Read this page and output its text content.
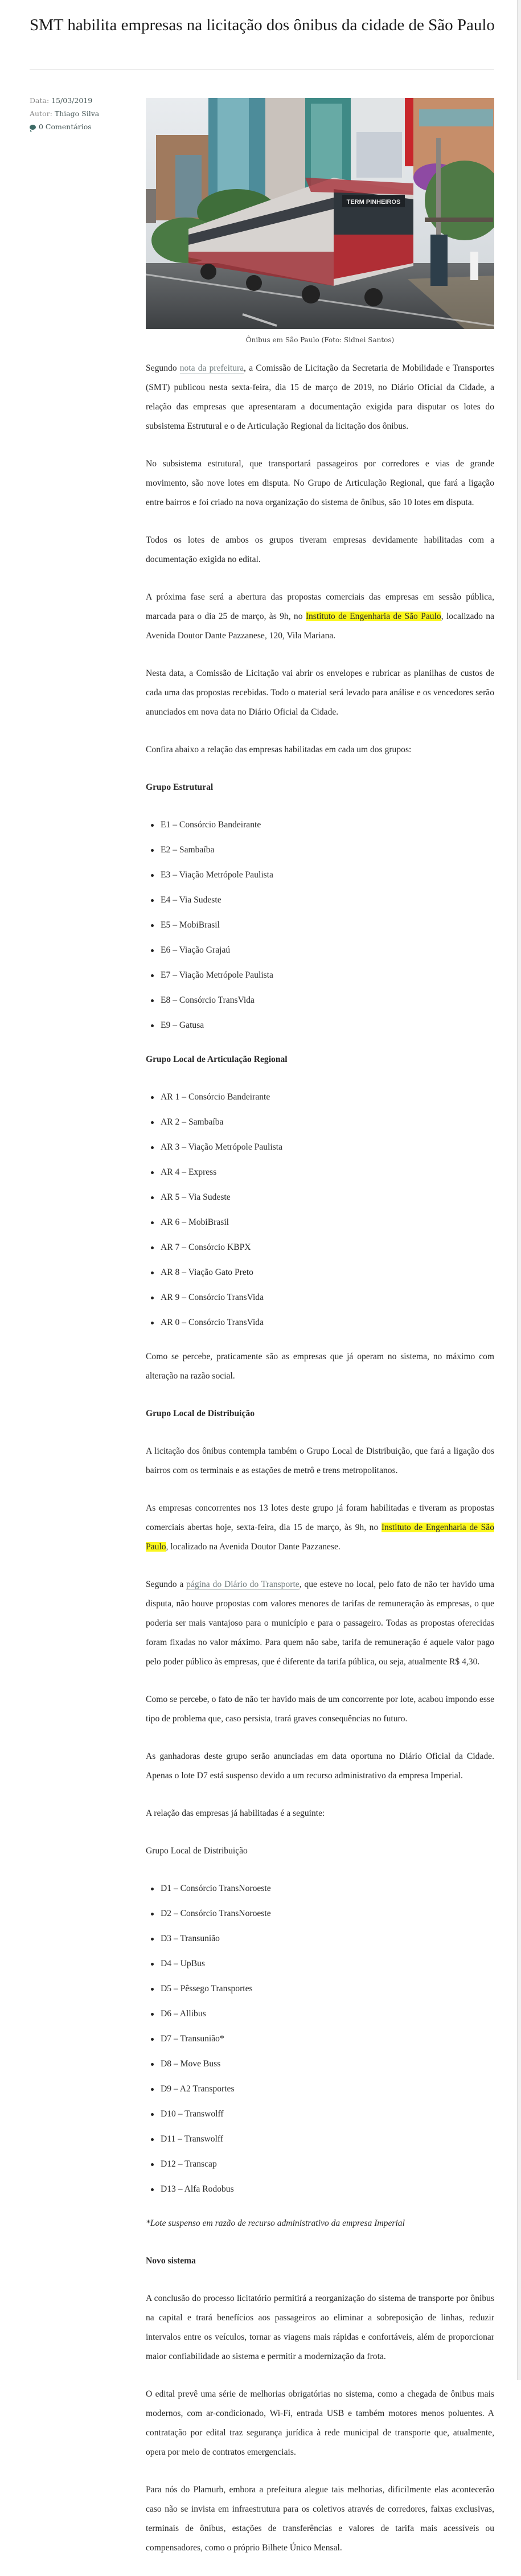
SMT habilita empresas na licitação dos ônibus da cidade de São Paulo
Data: 15/03/2019
Autor: Thiago Silva
0 Comentários
TERM PINHEIROS
Ônibus em São Paulo (Foto: Sidnei Santos)

Segundo nota da prefeitura, a Comissão de Licitação da Secretaria de Mobilidade e Transportes (SMT) publicou nesta sexta-feira, dia 15 de março de 2019, no Diário Oficial da Cidade, a relação das empresas que apresentaram a documentação exigida para disputar os lotes do subsistema Estrutural e o de Articulação Regional da licitação dos ônibus.

No subsistema estrutural, que transportará passageiros por corredores e vias de grande movimento, são nove lotes em disputa. No Grupo de Articulação Regional, que fará a ligação entre bairros e foi criado na nova organização do sistema de ônibus, são 10 lotes em disputa.

Todos os lotes de ambos os grupos tiveram empresas devidamente habilitadas com a documentação exigida no edital.

A próxima fase será a abertura das propostas comerciais das empresas em sessão pública, marcada para o dia 25 de março, às 9h, no Instituto de Engenharia de São Paulo, localizado na Avenida Doutor Dante Pazzanese, 120, Vila Mariana.

Nesta data, a Comissão de Licitação vai abrir os envelopes e rubricar as planilhas de custos de cada uma das propostas recebidas. Todo o material será levado para análise e os vencedores serão anunciados em nova data no Diário Oficial da Cidade.

Confira abaixo a relação das empresas habilitadas em cada um dos grupos:

Grupo Estrutural
E1 – Consórcio Bandeirante
E2 – Sambaíba
E3 – Viação Metrópole Paulista
E4 – Via Sudeste
E5 – MobiBrasil
E6 – Viação Grajaú
E7 – Viação Metrópole Paulista
E8 – Consórcio TransVida
E9 – Gatusa
Grupo Local de Articulação Regional
AR 1 – Consórcio Bandeirante
AR 2 – Sambaíba
AR 3 – Viação Metrópole Paulista
AR 4 – Express
AR 5 – Via Sudeste
AR 6 – MobiBrasil
AR 7 – Consórcio KBPX
AR 8 – Viação Gato Preto
AR 9 – Consórcio TransVida
AR 0 – Consórcio TransVida

Como se percebe, praticamente são as empresas que já operam no sistema, no máximo com alteração na razão social.

Grupo Local de Distribuição

A licitação dos ônibus contempla também o Grupo Local de Distribuição, que fará a ligação dos bairros com os terminais e as estações de metrô e trens metropolitanos.

As empresas concorrentes nos 13 lotes deste grupo já foram habilitadas e tiveram as propostas comerciais abertas hoje, sexta-feira, dia 15 de março, às 9h, no Instituto de Engenharia de São Paulo, localizado na Avenida Doutor Dante Pazzanese.

Segundo a página do Diário do Transporte, que esteve no local, pelo fato de não ter havido uma disputa, não houve propostas com valores menores de tarifas de remuneração às empresas, o que poderia ser mais vantajoso para o município e para o passageiro. Todas as propostas oferecidas foram fixadas no valor máximo. Para quem não sabe, tarifa de remuneração é aquele valor pago pelo poder público às empresas, que é diferente da tarifa pública, ou seja, atualmente R$ 4,30.

Como se percebe, o fato de não ter havido mais de um concorrente por lote, acabou impondo esse tipo de problema que, caso persista, trará graves consequências no futuro.

As ganhadoras deste grupo serão anunciadas em data oportuna no Diário Oficial da Cidade. Apenas o lote D7 está suspenso devido a um recurso administrativo da empresa Imperial.

A relação das empresas já habilitadas é a seguinte:

Grupo Local de Distribuição

D1 – Consórcio TransNoroeste
D2 – Consórcio TransNoroeste
D3 – Transunião
D4 – UpBus
D5 – Pêssego Transportes
D6 – Allibus
D7 – Transunião*
D8 – Move Buss
D9 – A2 Transportes
D10 – Transwolff
D11 – Transwolff
D12 – Transcap
D13 – Alfa Rodobus

*Lote suspenso em razão de recurso administrativo da empresa Imperial

Novo sistema

A conclusão do processo licitatório permitirá a reorganização do sistema de transporte por ônibus na capital e trará benefícios aos passageiros ao eliminar a sobreposição de linhas, reduzir intervalos entre os veículos, tornar as viagens mais rápidas e confortáveis, além de proporcionar maior confiabilidade ao sistema e permitir a modernização da frota.

O edital prevê uma série de melhorias obrigatórias no sistema, como a chegada de ônibus mais modernos, com ar-condicionado, Wi-Fi, entrada USB e também motores menos poluentes. A contratação por edital traz segurança jurídica à rede municipal de transporte que, atualmente, opera por meio de contratos emergenciais.

Para nós do Plamurb, embora a prefeitura alegue tais melhorias, dificilmente elas acontecerão caso não se invista em infraestrutura para os coletivos através de corredores, faixas exclusivas, terminais de ônibus, estações de transferências e valores de tarifa mais acessíveis ou compensadores, como o próprio Bilhete Único Mensal.
